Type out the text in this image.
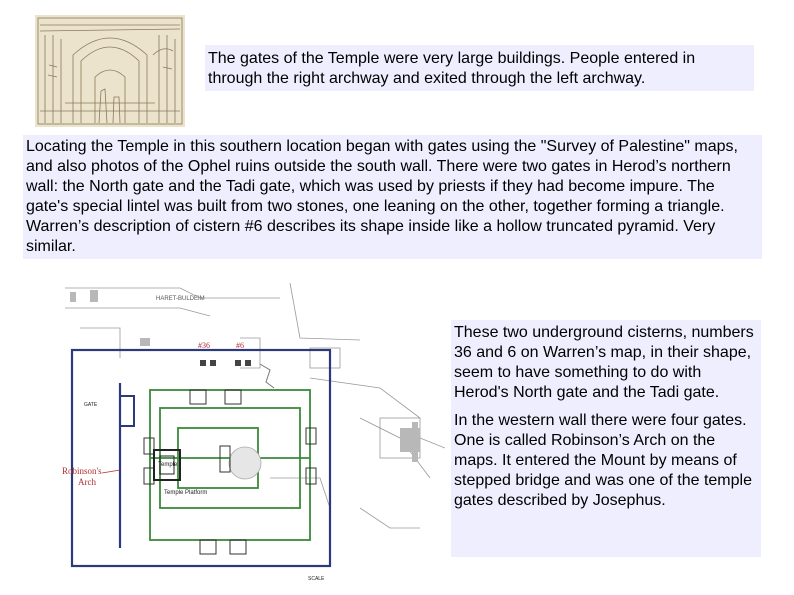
The gates of the Temple were very large buildings. People entered in through the right archway and exited through the left archway.
Locating the Temple in this southern location began with gates using the "Survey of Palestine" maps, and also photos of the Ophel ruins outside the south wall. There were two gates in Herod’s northern wall: the North gate and the Tadi gate, which was used by priests if they had become impure. The gate's special lintel was built from two stones, one leaning on the other, together forming a triangle. Warren’s description of cistern #6 describes its shape inside like a hollow truncated pyramid. Very similar.
HARET-BULDEIM
#36	#6
Robinson's
Arch
Temple
Temple Platform
GATE
SCALE

These two underground cisterns, numbers 36 and 6 on Warren’s map, in their shape, seem to have something to do with Herod's North gate and the Tadi gate.

In the western wall there were four gates. One is called Robinson’s Arch on the maps. It entered the Mount by means of stepped bridge and was one of the temple gates described by Josephus.
